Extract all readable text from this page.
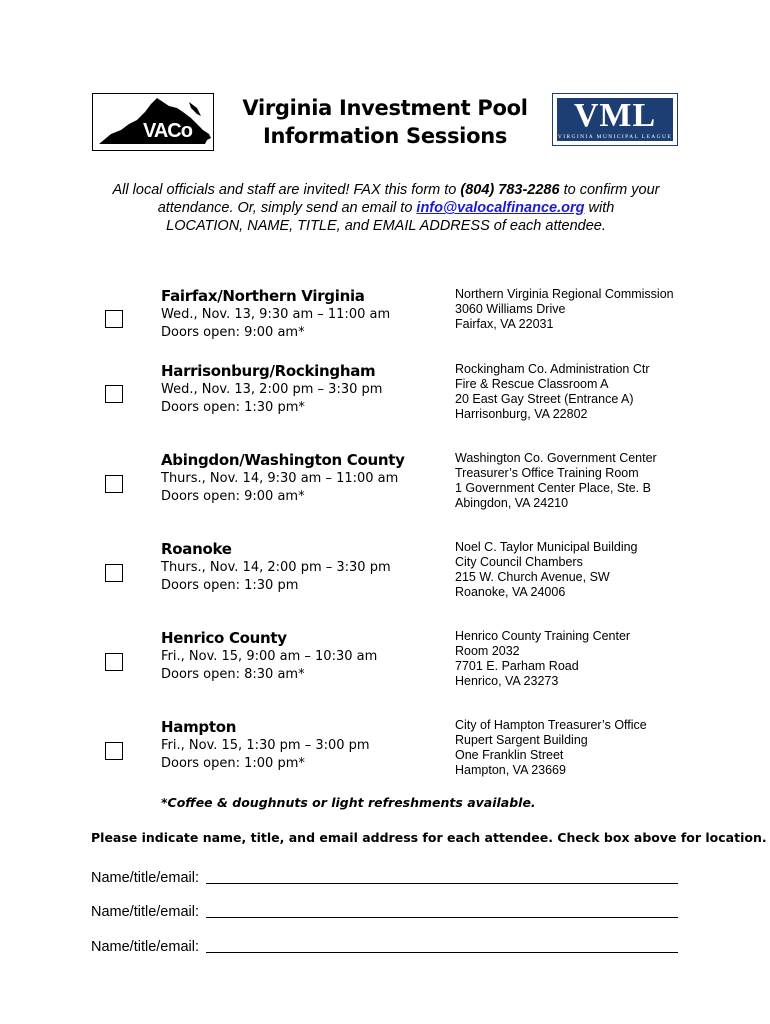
VACo
Virginia Investment Pool
Information Sessions
VML
VIRGINIA MUNICIPAL LEAGUE
All local officials and staff are invited! FAX this form to (804) 783-2286 to confirm your
attendance. Or, simply send an email to info@valocalfinance.org with
LOCATION, NAME, TITLE, and EMAIL ADDRESS of each attendee.
Fairfax/Northern Virginia
Wed., Nov. 13, 9:30 am – 11:00 am
Doors open: 9:00 am*
Northern Virginia Regional Commission
3060 Williams Drive
Fairfax, VA 22031
Harrisonburg/Rockingham
Wed., Nov. 13, 2:00 pm – 3:30 pm
Doors open: 1:30 pm*
Rockingham Co. Administration Ctr
Fire & Rescue Classroom A
20 East Gay Street (Entrance A)
Harrisonburg, VA 22802
Abingdon/Washington County
Thurs., Nov. 14, 9:30 am – 11:00 am
Doors open: 9:00 am*
Washington Co. Government Center
Treasurer’s Office Training Room
1 Government Center Place, Ste. B
Abingdon, VA 24210
Roanoke
Thurs., Nov. 14, 2:00 pm – 3:30 pm
Doors open: 1:30 pm
Noel C. Taylor Municipal Building
City Council Chambers
215 W. Church Avenue, SW
Roanoke, VA 24006
Henrico County
Fri., Nov. 15, 9:00 am – 10:30 am
Doors open: 8:30 am*
Henrico County Training Center
Room 2032
7701 E. Parham Road
Henrico, VA 23273
Hampton
Fri., Nov. 15, 1:30 pm – 3:00 pm
Doors open: 1:00 pm*
City of Hampton Treasurer’s Office
Rupert Sargent Building
One Franklin Street
Hampton, VA 23669
*Coffee & doughnuts or light refreshments available.
Please indicate name, title, and email address for each attendee. Check box above for location.
Name/title/email:
Name/title/email:
Name/title/email:
